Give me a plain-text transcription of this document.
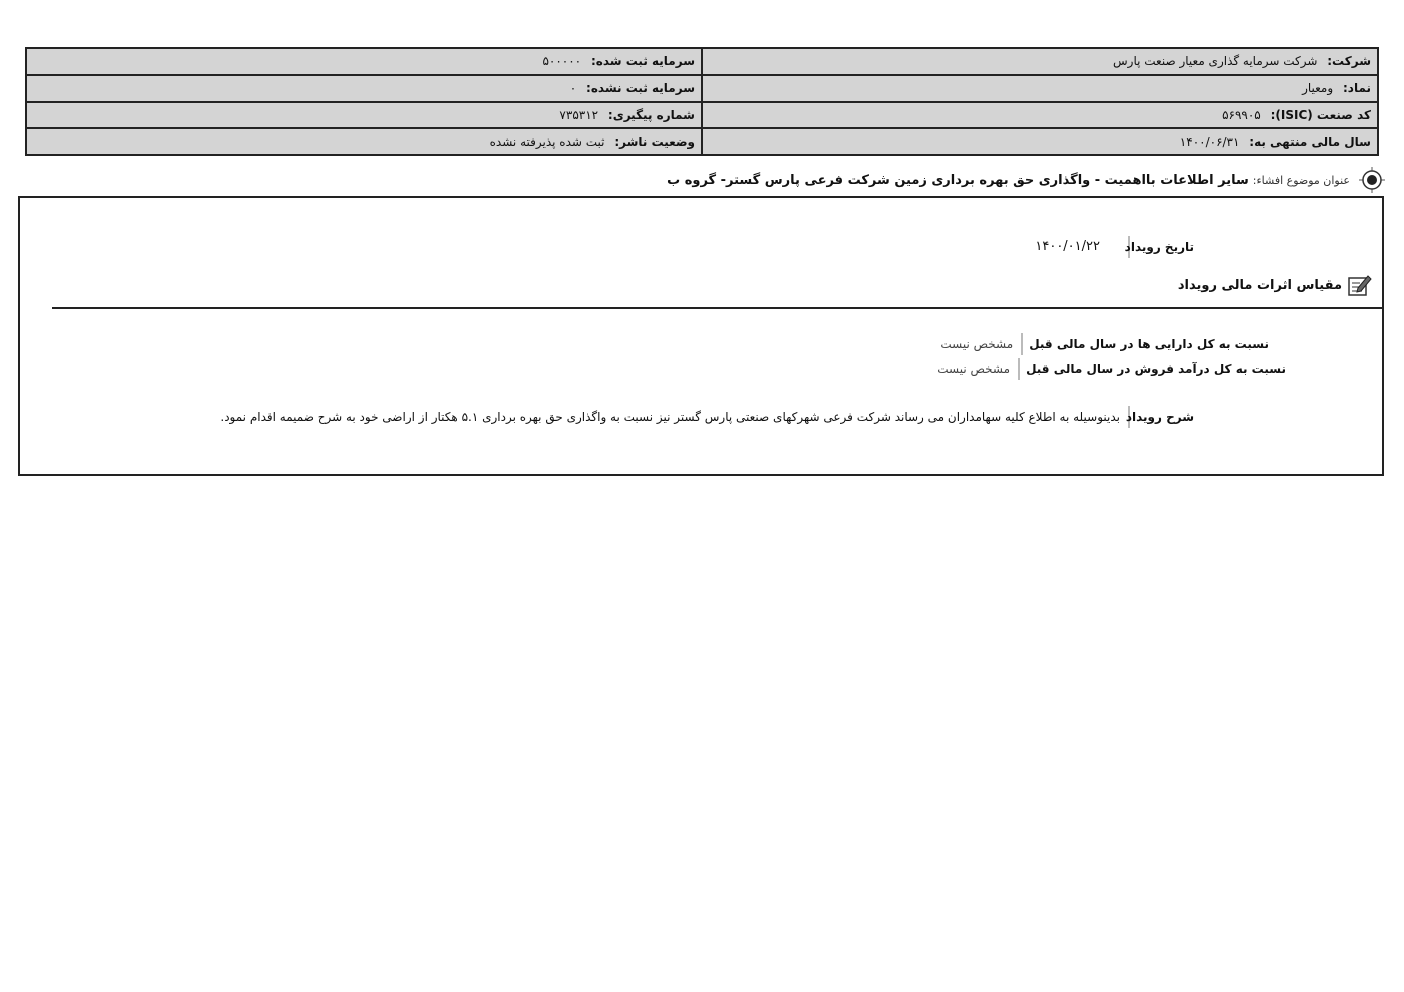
شرکت: شرکت سرمایه گذاری معیار صنعت پارس	سرمایه ثبت شده: ۵۰۰۰۰۰
نماد: ومعیار	سرمایه ثبت نشده: ۰
کد صنعت (ISIC): ۵۶۹۹۰۵	شماره پیگیری: ۷۳۵۳۱۲
سال مالی منتهی به: ۱۴۰۰/۰۶/۳۱	وضعیت ناشر: ثبت شده پذیرفته نشده
عنوان موضوع افشاء:
سایر اطلاعات بااهمیت - واگذاری حق بهره برداری زمین شرکت فرعی پارس گستر- گروه ب
تاریخ رویداد
۱۴۰۰/۰۱/۲۲
مقیاس اثرات مالی رویداد
نسبت به کل دارایی ها در سال مالی قبل
مشخص نیست
نسبت به کل درآمد فروش در سال مالی قبل
مشخص نیست
شرح رویداد
بدینوسیله به اطلاع کلیه سهامداران می رساند شرکت فرعی شهرکهای صنعتی پارس گستر نیز نسبت به واگذاری حق بهره برداری ۵.۱ هکتار از اراضی خود به شرح ضمیمه اقدام نمود.
